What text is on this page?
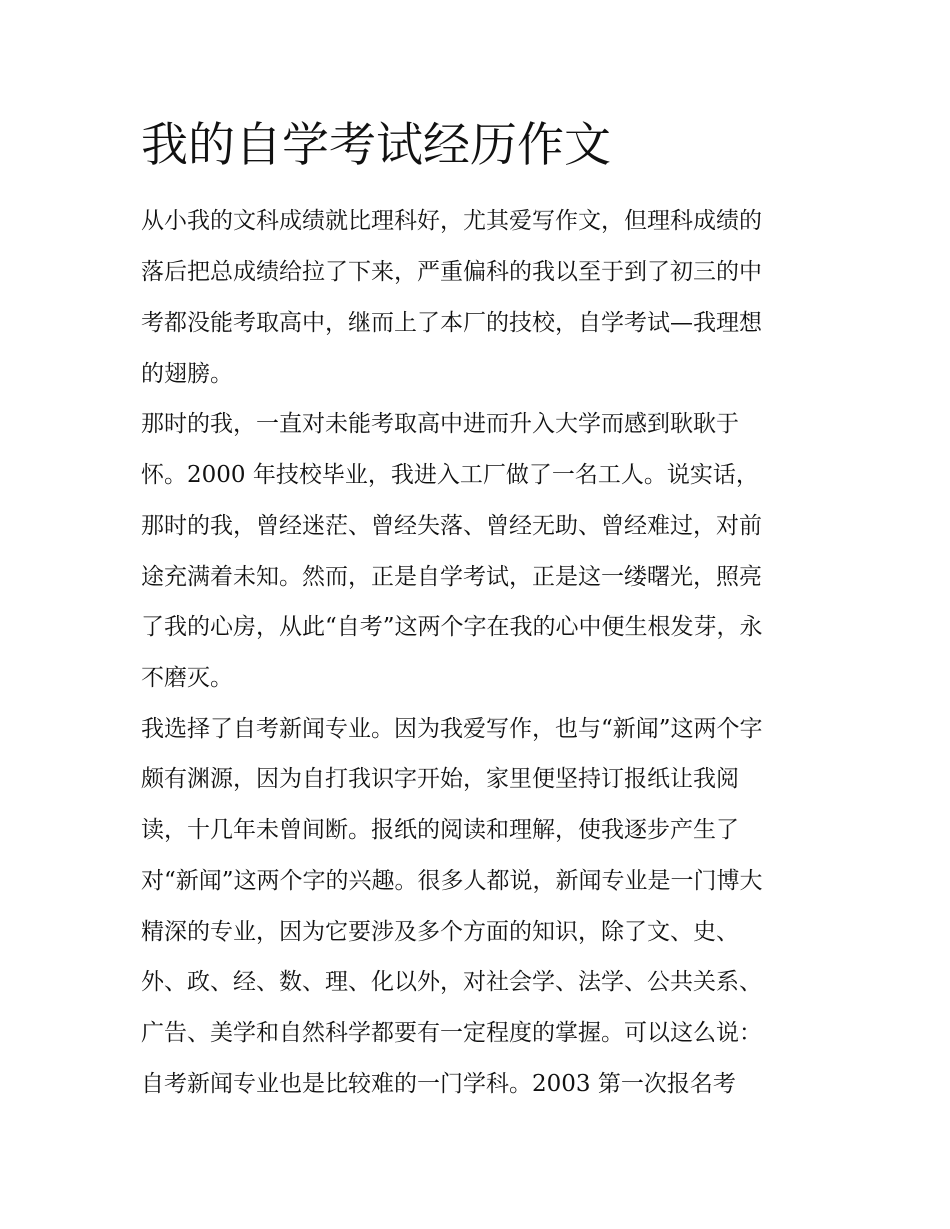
我的自学考试经历作文

从小我的文科成绩就比理科好，尤其爱写作文，但理科成绩的

落后把总成绩给拉了下来，严重偏科的我以至于到了初三的中

考都没能考取高中，继而上了本厂的技校，自学考试—我理想

的翅膀。

那时的我，一直对未能考取高中进而升入大学而感到耿耿于

怀。2000 年技校毕业，我进入工厂做了一名工人。说实话，

那时的我，曾经迷茫、曾经失落、曾经无助、曾经难过，对前

途充满着未知。然而，正是自学考试，正是这一缕曙光，照亮

了我的心房，从此“自考”这两个字在我的心中便生根发芽，永

不磨灭。

我选择了自考新闻专业。因为我爱写作，也与“新闻”这两个字

颇有渊源，因为自打我识字开始，家里便坚持订报纸让我阅

读，十几年未曾间断。报纸的阅读和理解，使我逐步产生了

对“新闻”这两个字的兴趣。很多人都说，新闻专业是一门博大

精深的专业，因为它要涉及多个方面的知识，除了文、史、

外、政、经、数、理、化以外，对社会学、法学、公共关系、

广告、美学和自然科学都要有一定程度的掌握。可以这么说：

自考新闻专业也是比较难的一门学科。2003 第一次报名考
